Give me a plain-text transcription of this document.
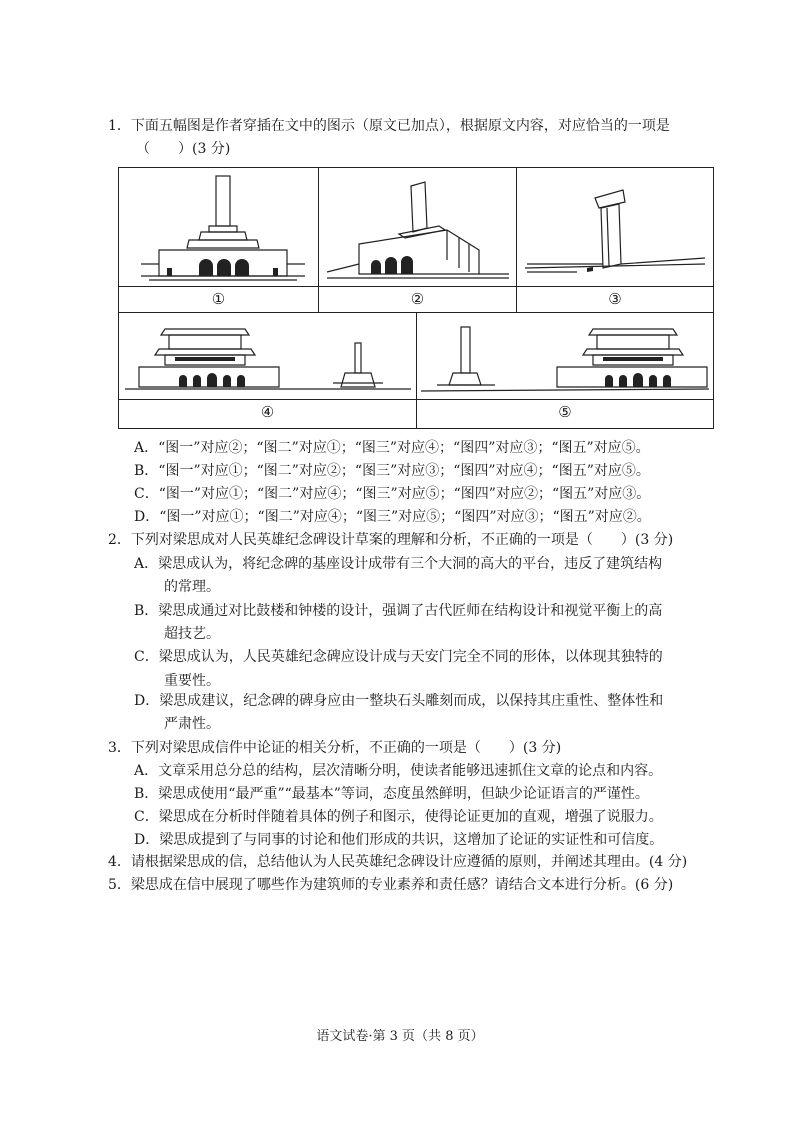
1．下面五幅图是作者穿插在文中的图示（原文已加点），根据原文内容，对应恰当的一项是
（　　）(3 分)
①	②	③
④	⑤
A．“图一”对应②；“图二”对应①；“图三”对应④；“图四”对应③；“图五”对应⑤。
B．“图一”对应①；“图二”对应②；“图三”对应③；“图四”对应④；“图五”对应⑤。
C．“图一”对应①；“图二”对应④；“图三”对应⑤；“图四”对应②；“图五”对应③。
D．“图一”对应①；“图二”对应④；“图三”对应⑤；“图四”对应③；“图五”对应②。
2．下列对梁思成对人民英雄纪念碑设计草案的理解和分析，不正确的一项是（　　）(3 分)
A．梁思成认为，将纪念碑的基座设计成带有三个大洞的高大的平台，违反了建筑结构
的常理。
B．梁思成通过对比鼓楼和钟楼的设计，强调了古代匠师在结构设计和视觉平衡上的高
超技艺。
C．梁思成认为，人民英雄纪念碑应设计成与天安门完全不同的形体，以体现其独特的
重要性。
D．梁思成建议，纪念碑的碑身应由一整块石头雕刻而成，以保持其庄重性、整体性和
严肃性。
3．下列对梁思成信件中论证的相关分析，不正确的一项是（　　）(3 分)
A．文章采用总分总的结构，层次清晰分明，使读者能够迅速抓住文章的论点和内容。
B．梁思成使用“最严重”“最基本”等词，态度虽然鲜明，但缺少论证语言的严谨性。
C．梁思成在分析时伴随着具体的例子和图示，使得论证更加的直观，增强了说服力。
D．梁思成提到了与同事的讨论和他们形成的共识，这增加了论证的实证性和可信度。
4．请根据梁思成的信，总结他认为人民英雄纪念碑设计应遵循的原则，并阐述其理由。(4 分)
5．梁思成在信中展现了哪些作为建筑师的专业素养和责任感？请结合文本进行分析。(6 分)
语文试卷·第 3 页（共 8 页）
